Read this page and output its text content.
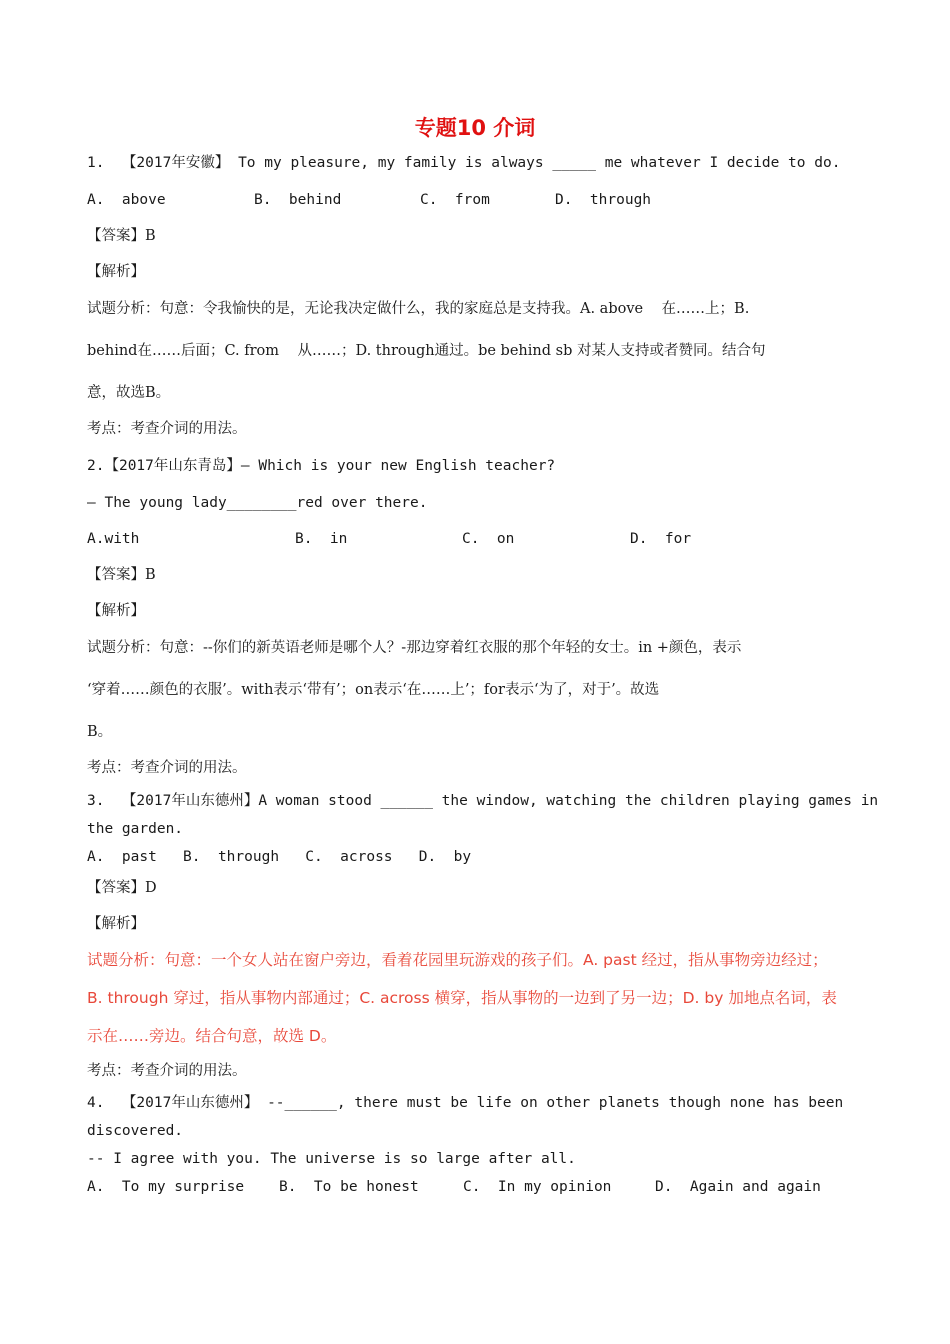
专题10 介词
1.  【2017年安徽】 To my pleasure, my family is always _____ me whatever I decide to do.
A.  above	B.  behind	C.  from	D.  through
【答案】B
【解析】
试题分析：句意：令我愉快的是，无论我决定做什么，我的家庭总是支持我。A. above    在……上；B.
behind在……后面；C. from    从……；D. through通过。be behind sb 对某人支持或者赞同。结合句
意，故选B。
考点：考查介词的用法。
2.【2017年山东青岛】— Which is your new English teacher?
— The young lady________red over there.
A.with	B.  in	C.  on	D.  for
【答案】B
【解析】
试题分析：句意：--你们的新英语老师是哪个人？-那边穿着红衣服的那个年轻的女士。in +颜色，表示
‘穿着……颜色的衣服’。with表示‘带有’；on表示‘在……上’；for表示‘为了，对于’。故选
B。
考点：考查介词的用法。
3.  【2017年山东德州】A woman stood ______ the window, watching the children playing games in
the garden.
A.  past   B.  through   C.  across   D.  by
【答案】D
【解析】
试题分析：句意：一个女人站在窗户旁边，看着花园里玩游戏的孩子们。A. past 经过，指从事物旁边经过；
B. through 穿过，指从事物内部通过；C. across 横穿，指从事物的一边到了另一边；D. by 加地点名词，表
示在……旁边。结合句意，故选 D。
考点：考查介词的用法。
4.  【2017年山东德州】 --______, there must be life on other planets though none has been
discovered.
-- I agree with you. The universe is so large after all.
A.  To my surprise B.  To be honest	C.  In my opinion	D.  Again and again
